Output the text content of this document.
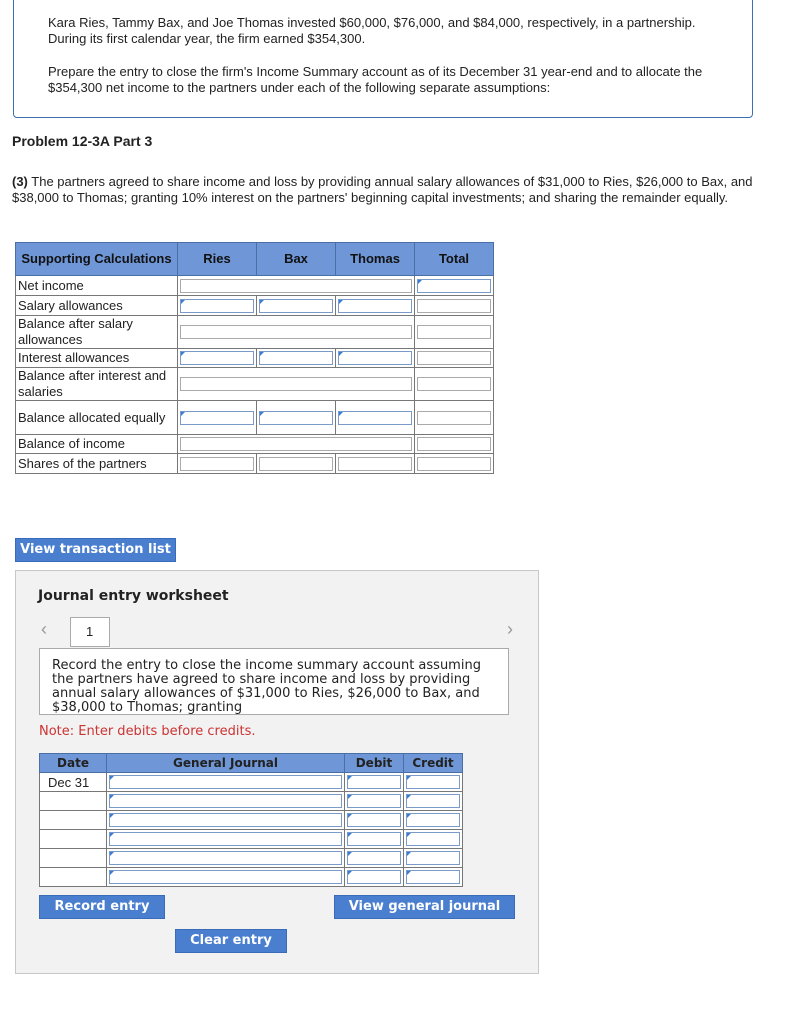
Kara Ries, Tammy Bax, and Joe Thomas invested $60,000, $76,000, and $84,000, respectively, in a partnership. During its first calendar year, the firm earned $354,300.

Prepare the entry to close the firm's Income Summary account as of its December 31 year-end and to allocate the $354,300 net income to the partners under each of the following separate assumptions:

Problem 12-3A Part 3
(3) The partners agreed to share income and loss by providing annual salary allowances of $31,000 to Ries, $26,000 to Bax, and $38,000 to Thomas; granting 10% interest on the partners' beginning capital investments; and sharing the remainder equally.
Supporting Calculations	Ries	Bax	Thomas	Total
Net income			

Salary allowances	

Balance after salary allowances			

Interest allowances	

Balance after interest and salaries			

Balance allocated equally	

Balance of income			

Shares of the partners	

View transaction list
Journal entry worksheet
‹	1	›
Record the entry to close the income summary account assuming the partners have agreed to share income and loss by providing annual salary allowances of $31,000 to Ries, $26,000 to Bax, and $38,000 to Thomas; granting
Note: Enter debits before credits.
Date	General Journal	Debit	Credit
Dec 31	

Record entry	View general journal
Clear entry
